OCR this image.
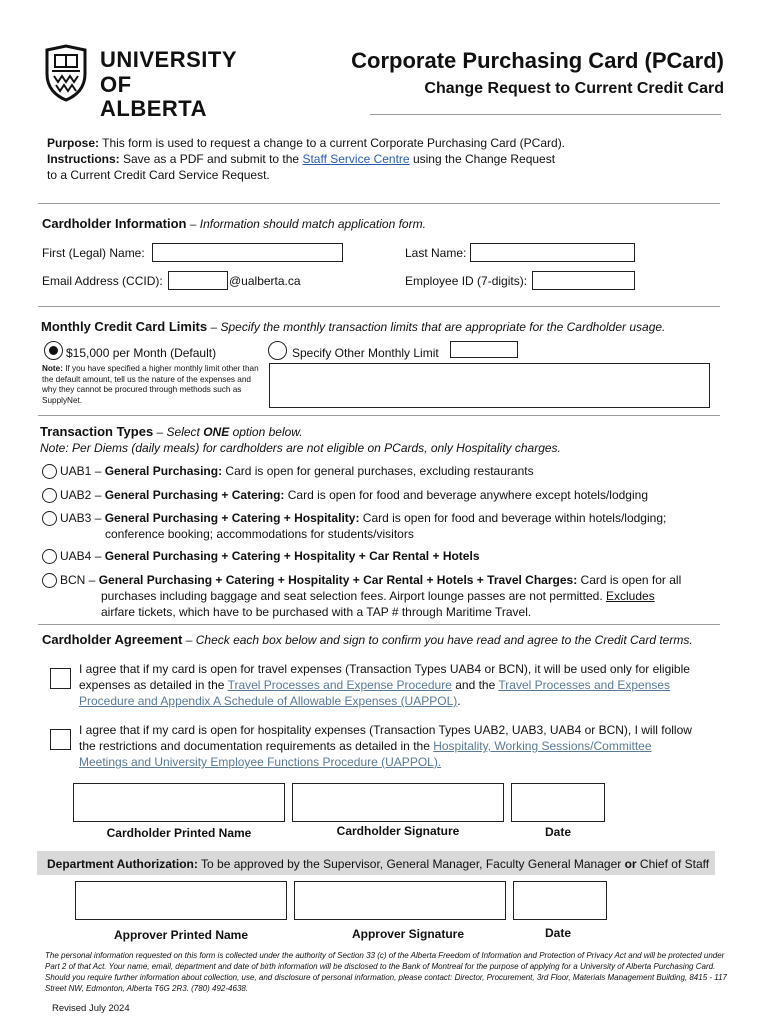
UNIVERSITY
OF ALBERTA
Corporate Purchasing Card (PCard)
Change Request to Current Credit Card
Purpose: This form is used to request a change to a current Corporate Purchasing Card (PCard).
Instructions: Save as a PDF and submit to the Staff Service Centre using the Change Request
to a Current Credit Card Service Request.
Cardholder Information – Information should match application form.
First (Legal) Name:	Last Name:
Email Address (CCID):	@ualberta.ca	Employee ID (7-digits):
Monthly Credit Card Limits – Specify the monthly transaction limits that are appropriate for the Cardholder usage.
$15,000 per Month (Default)	Specify Other Monthly Limit
Note: If you have specified a higher monthly limit other than the default amount, tell us the nature of the expenses and why they cannot be procured through methods such as SupplyNet.
Transaction Types – Select ONE option below.
Note: Per Diems (daily meals) for cardholders are not eligible on PCards, only Hospitality charges.
UAB1 – General Purchasing: Card is open for general purchases, excluding restaurants
UAB2 – General Purchasing + Catering: Card is open for food and beverage anywhere except hotels/lodging
UAB3 – General Purchasing + Catering + Hospitality: Card is open for food and beverage within hotels/lodging;
conference booking; accommodations for students/visitors
UAB4 – General Purchasing + Catering + Hospitality + Car Rental + Hotels
BCN – General Purchasing + Catering + Hospitality + Car Rental + Hotels + Travel Charges: Card is open for all
purchases including baggage and seat selection fees. Airport lounge passes are not permitted. Excludes
airfare tickets, which have to be purchased with a TAP # through Maritime Travel.
Cardholder Agreement – Check each box below and sign to confirm you have read and agree to the Credit Card terms.
I agree that if my card is open for travel expenses (Transaction Types UAB4 or BCN), it will be used only for eligible
expenses as detailed in the Travel Processes and Expense Procedure and the Travel Processes and Expenses
Procedure and Appendix A Schedule of Allowable Expenses (UAPPOL).
I agree that if my card is open for hospitality expenses (Transaction Types UAB2, UAB3, UAB4 or BCN), I will follow
the restrictions and documentation requirements as detailed in the Hospitality, Working Sessions/Committee
Meetings and University Employee Functions Procedure (UAPPOL).
Cardholder Printed Name	Cardholder Signature	Date
Department Authorization: To be approved by the Supervisor, General Manager, Faculty General Manager or Chief of Staff
Approver Printed Name	Approver Signature	Date
The personal information requested on this form is collected under the authority of Section 33 (c) of the Alberta Freedom of Information and Protection of Privacy Act and will be protected under Part 2 of that Act. Your name, email, department and date of birth information will be disclosed to the Bank of Montreal for the purpose of applying for a University of Alberta Purchasing Card. Should you require further information about collection, use, and disclosure of personal information, please contact: Director, Procurement, 3rd Floor, Materials Management Building, 8415 - 117 Street NW, Edmonton, Alberta T6G 2R3. (780) 492-4638.
Revised July 2024
